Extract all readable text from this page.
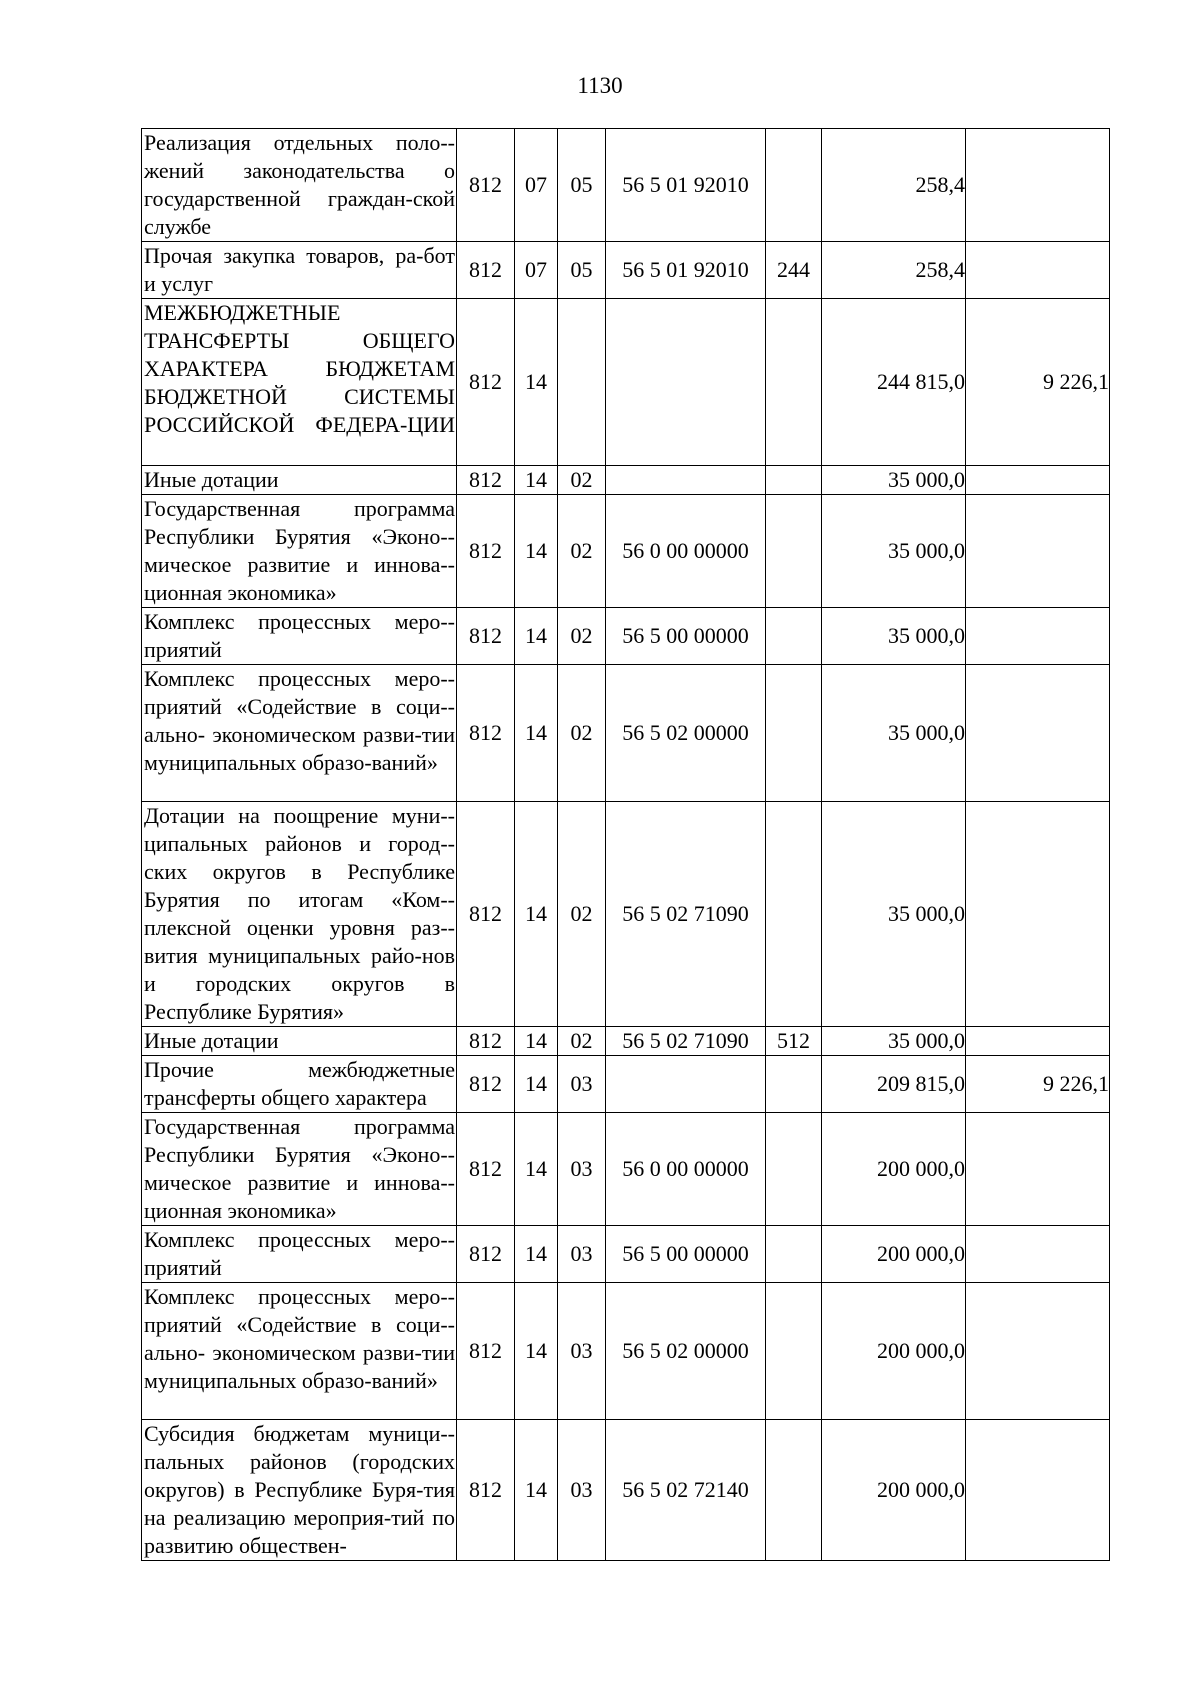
1130
Реализация отдельных поло-жений законодательства о государственной граждан-ской службе	812	07	05	56 5 01 92010		258,4	
Прочая закупка товаров, ра-бот и услуг	812	07	05	56 5 01 92010	244	258,4	
МЕЖБЮДЖЕТНЫЕ ТРАНСФЕРТЫ ОБЩЕГО ХАРАКТЕРА БЮДЖЕТАМ БЮДЖЕТНОЙ СИСТЕМЫ РОССИЙСКОЙ ФЕДЕРА-ЦИИ	812	14				244 815,0	9 226,1
Иные дотации	812	14	02			35 000,0	
Государственная программа Республики Бурятия «Эконо-мическое развитие и иннова-ционная экономика»	812	14	02	56 0 00 00000		35 000,0	
Комплекс процессных меро-приятий	812	14	02	56 5 00 00000		35 000,0	
Комплекс процессных меро-приятий «Содействие в соци-ально- экономическом разви-тии муниципальных образо-ваний»	812	14	02	56 5 02 00000		35 000,0	
Дотации на поощрение муни-ципальных районов и город-ских округов в Республике Бурятия по итогам «Ком-плексной оценки уровня раз-вития муниципальных райо-нов и городских округов в Республике Бурятия»	812	14	02	56 5 02 71090		35 000,0	
Иные дотации	812	14	02	56 5 02 71090	512	35 000,0	
Прочие межбюджетные трансферты общего характера	812	14	03			209 815,0	9 226,1
Государственная программа Республики Бурятия «Эконо-мическое развитие и иннова-ционная экономика»	812	14	03	56 0 00 00000		200 000,0	
Комплекс процессных меро-приятий	812	14	03	56 5 00 00000		200 000,0	
Комплекс процессных меро-приятий «Содействие в соци-ально- экономическом разви-тии муниципальных образо-ваний»	812	14	03	56 5 02 00000		200 000,0	
Субсидия бюджетам муници-пальных районов (городских округов) в Республике Буря-тия на реализацию мероприя-тий по развитию обществен-	812	14	03	56 5 02 72140		200 000,0	
